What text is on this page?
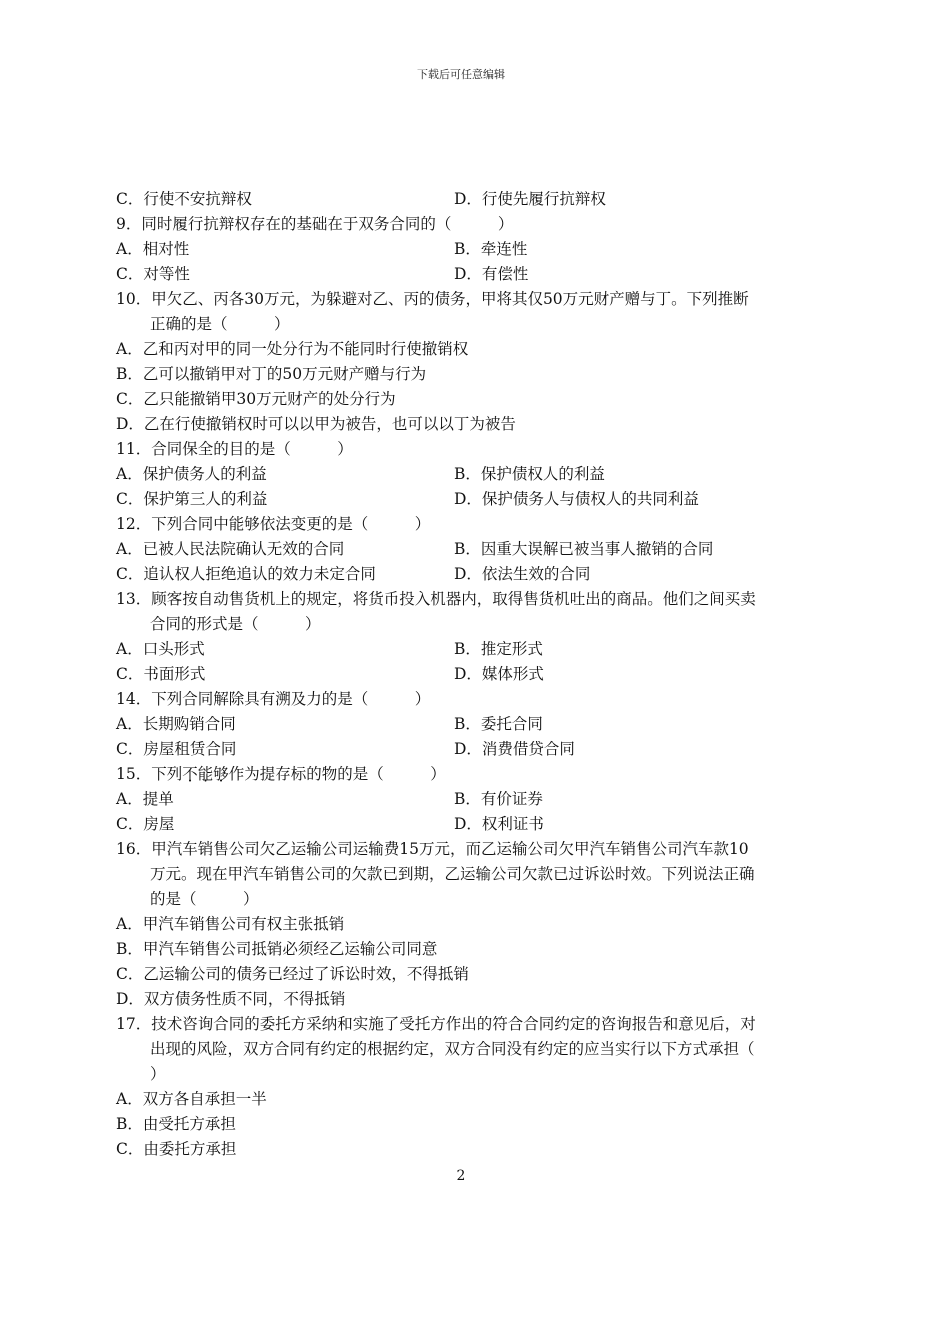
下载后可任意编辑
C．行使不安抗辩权	D．行使先履行抗辩权
9．同时履行抗辩权存在的基础在于双务合同的（　　　）
A．相对性	B．牵连性
C．对等性	D．有偿性
10．甲欠乙、丙各30万元，为躲避对乙、丙的债务，甲将其仅50万元财产赠与丁。下列推断
正确的是（　　　）
A．乙和丙对甲的同一处分行为不能同时行使撤销权
B．乙可以撤销甲对丁的50万元财产赠与行为
C．乙只能撤销甲30万元财产的处分行为
D．乙在行使撤销权时可以以甲为被告，也可以以丁为被告
11．合同保全的目的是（　　　）
A．保护债务人的利益	B．保护债权人的利益
C．保护第三人的利益	D．保护债务人与债权人的共同利益
12．下列合同中能够依法变更的是（　　　）
A．已被人民法院确认无效的合同	B．因重大误解已被当事人撤销的合同
C．追认权人拒绝追认的效力未定合同	D．依法生效的合同
13．顾客按自动售货机上的规定，将货币投入机器内，取得售货机吐出的商品。他们之间买卖
合同的形式是（　　　）
A．口头形式	B．推定形式
C．书面形式	D．媒体形式
14．下列合同解除具有溯及力的是（　　　）
A．长期购销合同	B．委托合同
C．房屋租赁合同	D．消费借贷合同
15．下列不能够作为提存标的物的是（　　　）
A．提单	B．有价证券
C．房屋	D．权利证书
16．甲汽车销售公司欠乙运输公司运输费15万元，而乙运输公司欠甲汽车销售公司汽车款10
万元。现在甲汽车销售公司的欠款已到期，乙运输公司欠款已过诉讼时效。下列说法正确
的是（　　　）
A．甲汽车销售公司有权主张抵销
B．甲汽车销售公司抵销必须经乙运输公司同意
C．乙运输公司的债务已经过了诉讼时效，不得抵销
D．双方债务性质不同，不得抵销
17．技术咨询合同的委托方采纳和实施了受托方作出的符合合同约定的咨询报告和意见后，对
出现的风险，双方合同有约定的根据约定，双方合同没有约定的应当实行以下方式承担（
）
A．双方各自承担一半
B．由受托方承担
C．由委托方承担
2
